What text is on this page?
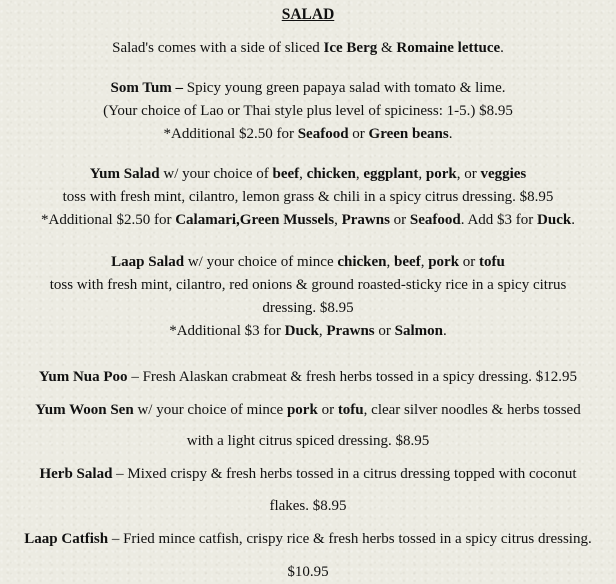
SALAD
Salad's comes with a side of sliced Ice Berg & Romaine lettuce.
Som Tum – Spicy young green papaya salad with tomato & lime.
(Your choice of Lao or Thai style plus level of spiciness: 1-5.) $8.95
*Additional $2.50 for Seafood or Green beans.
Yum Salad w/ your choice of beef, chicken, eggplant, pork, or veggies
toss with fresh mint, cilantro, lemon grass & chili in a spicy citrus dressing. $8.95
*Additional $2.50 for Calamari,Green Mussels, Prawns or Seafood. Add $3 for Duck.
Laap Salad w/ your choice of mince chicken, beef, pork or tofu
toss with fresh mint, cilantro, red onions & ground roasted-sticky rice in a spicy citrus
dressing. $8.95
*Additional $3 for Duck, Prawns or Salmon.
Yum Nua Poo – Fresh Alaskan crabmeat & fresh herbs tossed in a spicy dressing. $12.95
Yum Woon Sen w/ your choice of mince pork or tofu, clear silver noodles & herbs tossed
with a light citrus spiced dressing. $8.95
Herb Salad – Mixed crispy & fresh herbs tossed in a citrus dressing topped with coconut
flakes. $8.95
Laap Catfish – Fried mince catfish, crispy rice & fresh herbs tossed in a spicy citrus dressing.
$10.95
